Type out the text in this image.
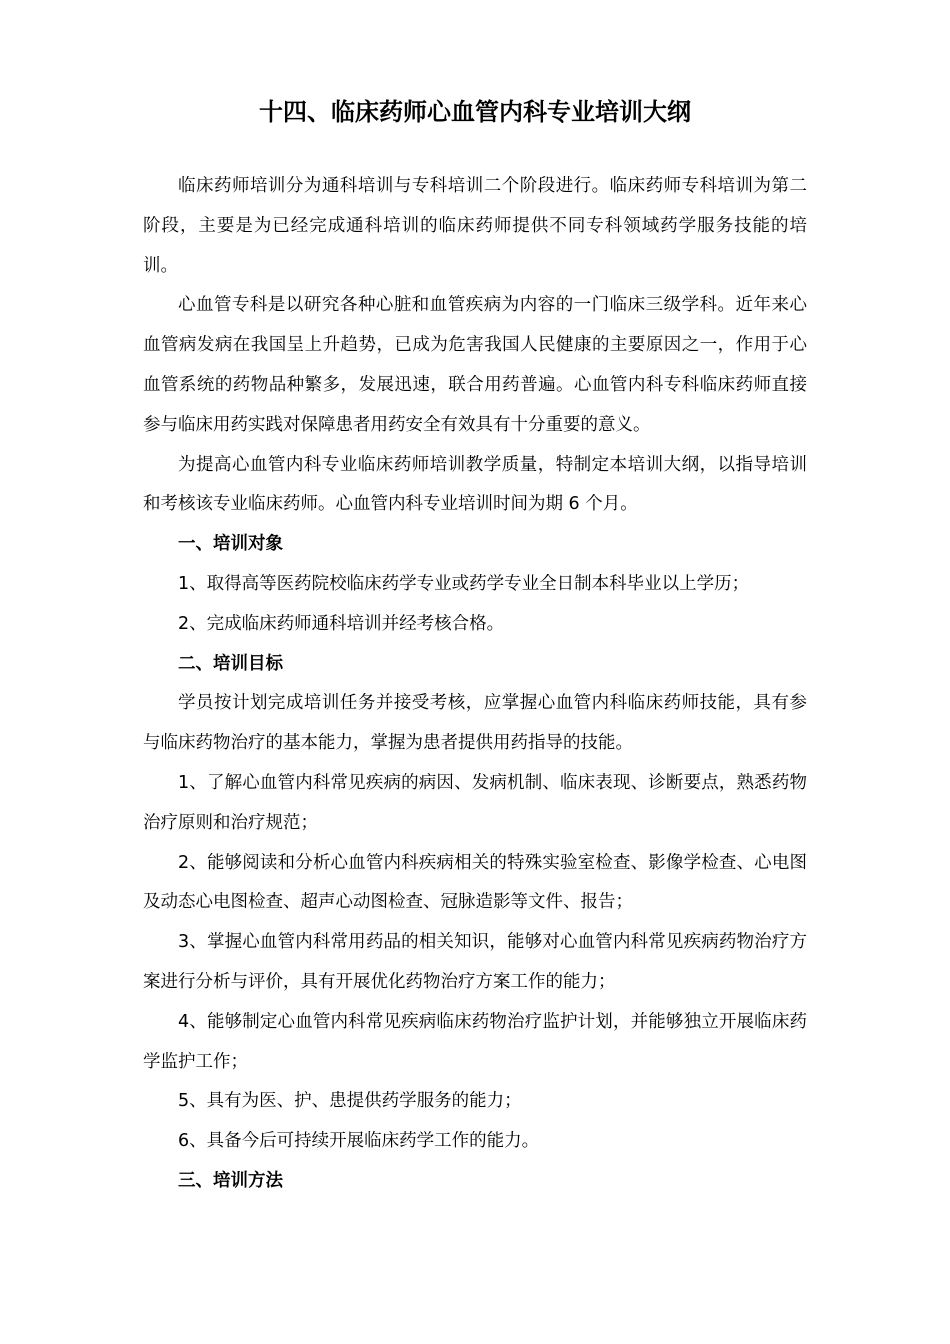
十四、临床药师心血管内科专业培训大纲

临床药师培训分为通科培训与专科培训二个阶段进行。临床药师专科培训为第二阶段，主要是为已经完成通科培训的临床药师提供不同专科领域药学服务技能的培训。

心血管专科是以研究各种心脏和血管疾病为内容的一门临床三级学科。近年来心血管病发病在我国呈上升趋势，已成为危害我国人民健康的主要原因之一，作用于心血管系统的药物品种繁多，发展迅速，联合用药普遍。心血管内科专科临床药师直接参与临床用药实践对保障患者用药安全有效具有十分重要的意义。

为提高心血管内科专业临床药师培训教学质量，特制定本培训大纲，以指导培训和考核该专业临床药师。心血管内科专业培训时间为期 6 个月。

一、培训对象

1、取得高等医药院校临床药学专业或药学专业全日制本科毕业以上学历；

2、完成临床药师通科培训并经考核合格。

二、培训目标

学员按计划完成培训任务并接受考核，应掌握心血管内科临床药师技能，具有参与临床药物治疗的基本能力，掌握为患者提供用药指导的技能。

1、了解心血管内科常见疾病的病因、发病机制、临床表现、诊断要点，熟悉药物治疗原则和治疗规范；

2、能够阅读和分析心血管内科疾病相关的特殊实验室检查、影像学检查、心电图及动态心电图检查、超声心动图检查、冠脉造影等文件、报告；

3、掌握心血管内科常用药品的相关知识，能够对心血管内科常见疾病药物治疗方案进行分析与评价，具有开展优化药物治疗方案工作的能力；

4、能够制定心血管内科常见疾病临床药物治疗监护计划，并能够独立开展临床药学监护工作；

5、具有为医、护、患提供药学服务的能力；

6、具备今后可持续开展临床药学工作的能力。

三、培训方法
